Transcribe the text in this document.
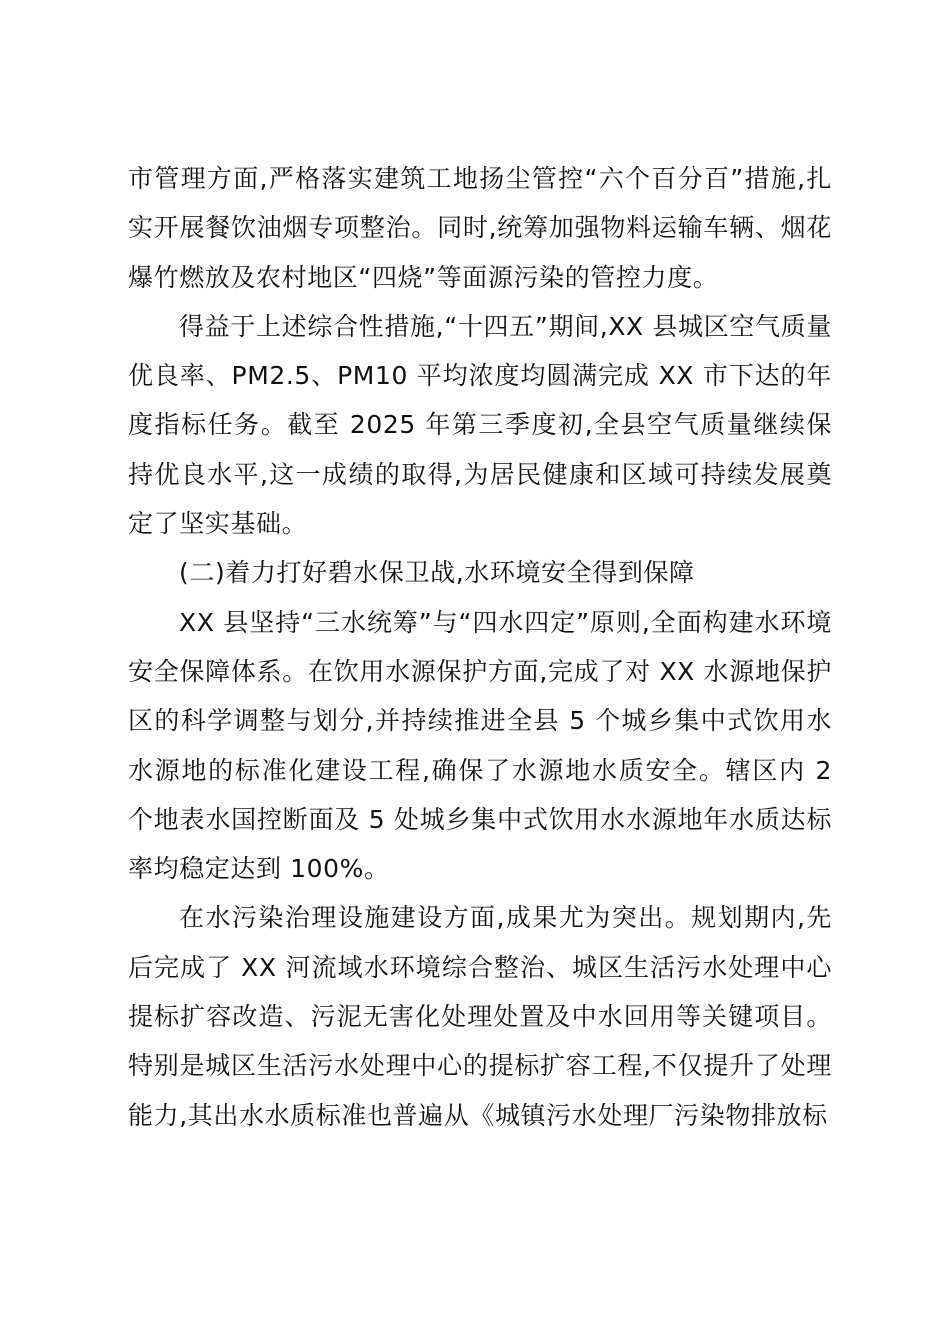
市管理方面,严格落实建筑工地扬尘管控“六个百分百”措施,扎实开展餐饮油烟专项整治。同时,统筹加强物料运输车辆、烟花爆竹燃放及农村地区“四烧”等面源污染的管控力度。

得益于上述综合性措施,“十四五”期间,XX 县城区空气质量优良率、PM2.5、PM10 平均浓度均圆满完成 XX 市下达的年度指标任务。截至 2025 年第三季度初,全县空气质量继续保持优良水平,这一成绩的取得,为居民健康和区域可持续发展奠定了坚实基础。

(二)着力打好碧水保卫战,水环境安全得到保障

XX 县坚持“三水统筹”与“四水四定”原则,全面构建水环境安全保障体系。在饮用水源保护方面,完成了对 XX 水源地保护区的科学调整与划分,并持续推进全县 5 个城乡集中式饮用水水源地的标准化建设工程,确保了水源地水质安全。辖区内 2 个地表水国控断面及 5 处城乡集中式饮用水水源地年水质达标率均稳定达到 100%。

在水污染治理设施建设方面,成果尤为突出。规划期内,先后完成了 XX 河流域水环境综合整治、城区生活污水处理中心提标扩容改造、污泥无害化处理处置及中水回用等关键项目。特别是城区生活污水处理中心的提标扩容工程,不仅提升了处理能力,其出水水质标准也普遍从《城镇污水处理厂污染物排放标
